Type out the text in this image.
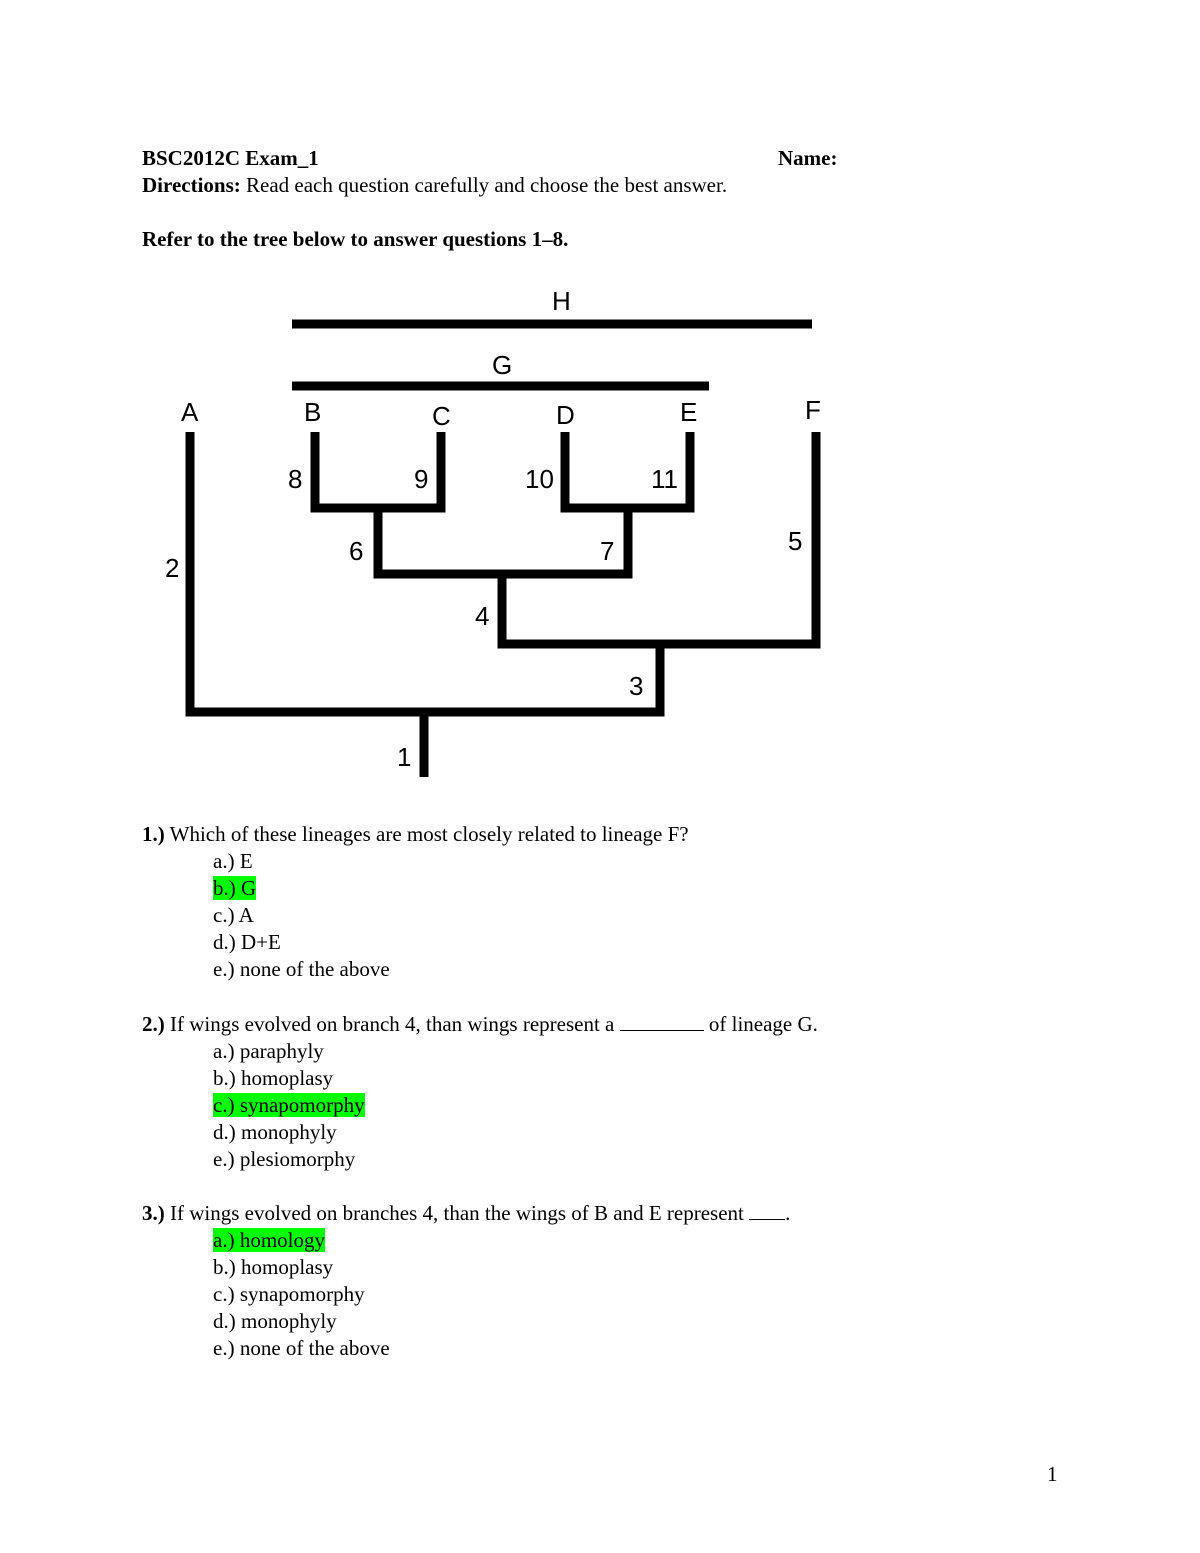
BSC2012C Exam_1	Name:
Directions: Read each question carefully and choose the best answer.
Refer to the tree below to answer questions 1–8.
H
G
A	B	C	D	E	F
1
2
3
4
5
6	7
8	9	10	11
1.) Which of these lineages are most closely related to lineage F?
a.) E
b.) G
c.) A
d.) D+E
e.) none of the above
2.) If wings evolved on branch 4, than wings represent a	of lineage G.
a.) paraphyly
b.) homoplasy
c.) synapomorphy
d.) monophyly
e.) plesiomorphy
3.) If wings evolved on branches 4, than the wings of B and E represent .
a.) homology
b.) homoplasy
c.) synapomorphy
d.) monophyly
e.) none of the above
1
